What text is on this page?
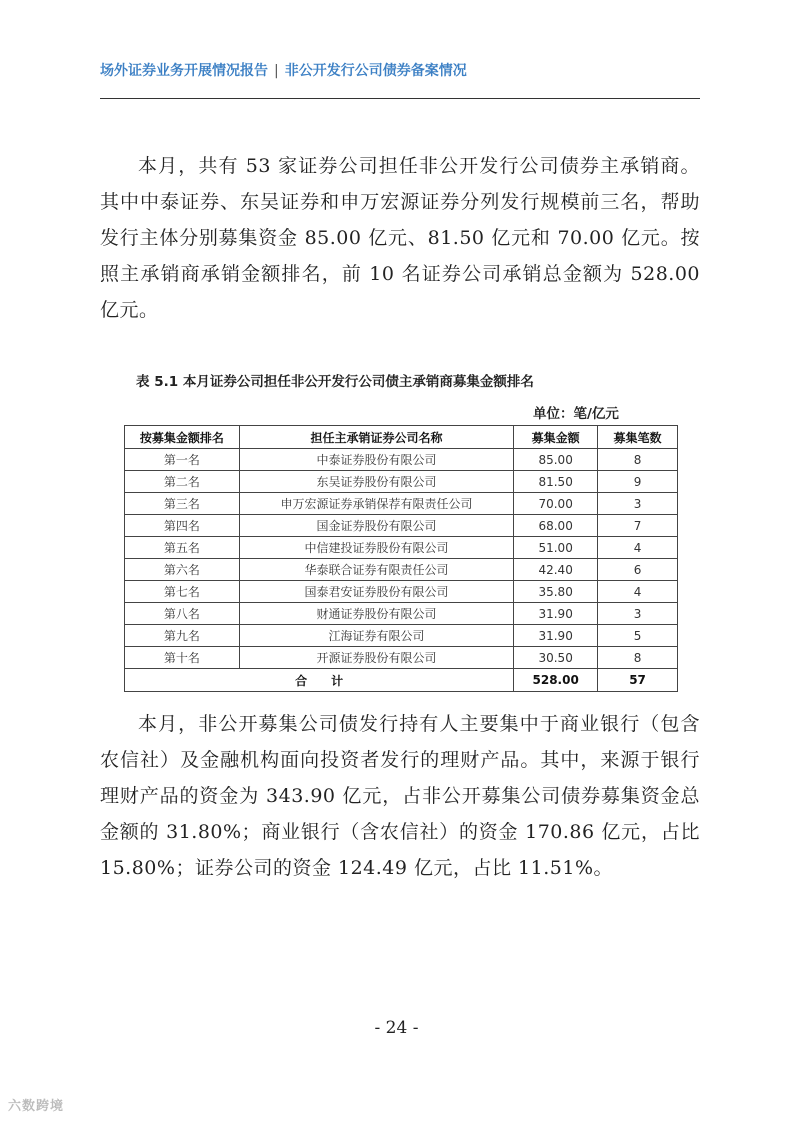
场外证券业务开展情况报告 | 非公开发行公司债券备案情况
本月，共有 53 家证券公司担任非公开发行公司债券主承销商。其中中泰证券、东吴证券和申万宏源证券分列发行规模前三名，帮助发行主体分别募集资金 85.00 亿元、81.50 亿元和 70.00 亿元。按照主承销商承销金额排名，前 10 名证券公司承销总金额为 528.00 亿元。
表 5.1 本月证券公司担任非公开发行公司债主承销商募集金额排名
单位：笔/亿元
按募集金额排名	担任主承销证券公司名称	募集金额	募集笔数
第一名	中泰证券股份有限公司	85.00	8
第二名	东吴证券股份有限公司	81.50	9
第三名	申万宏源证券承销保荐有限责任公司	70.00	3
第四名	国金证券股份有限公司	68.00	7
第五名	中信建投证券股份有限公司	51.00	4
第六名	华泰联合证券有限责任公司	42.40	6
第七名	国泰君安证券股份有限公司	35.80	4
第八名	财通证券股份有限公司	31.90	3
第九名	江海证券有限公司	31.90	5
第十名	开源证券股份有限公司	30.50	8
合　　计		528.00	57
本月，非公开募集公司债发行持有人主要集中于商业银行（包含农信社）及金融机构面向投资者发行的理财产品。其中，来源于银行理财产品的资金为 343.90 亿元，占非公开募集公司债券募集资金总金额的 31.80%；商业银行（含农信社）的资金 170.86 亿元，占比 15.80%；证券公司的资金 124.49 亿元，占比 11.51%。
- 24 -
六数跨境
